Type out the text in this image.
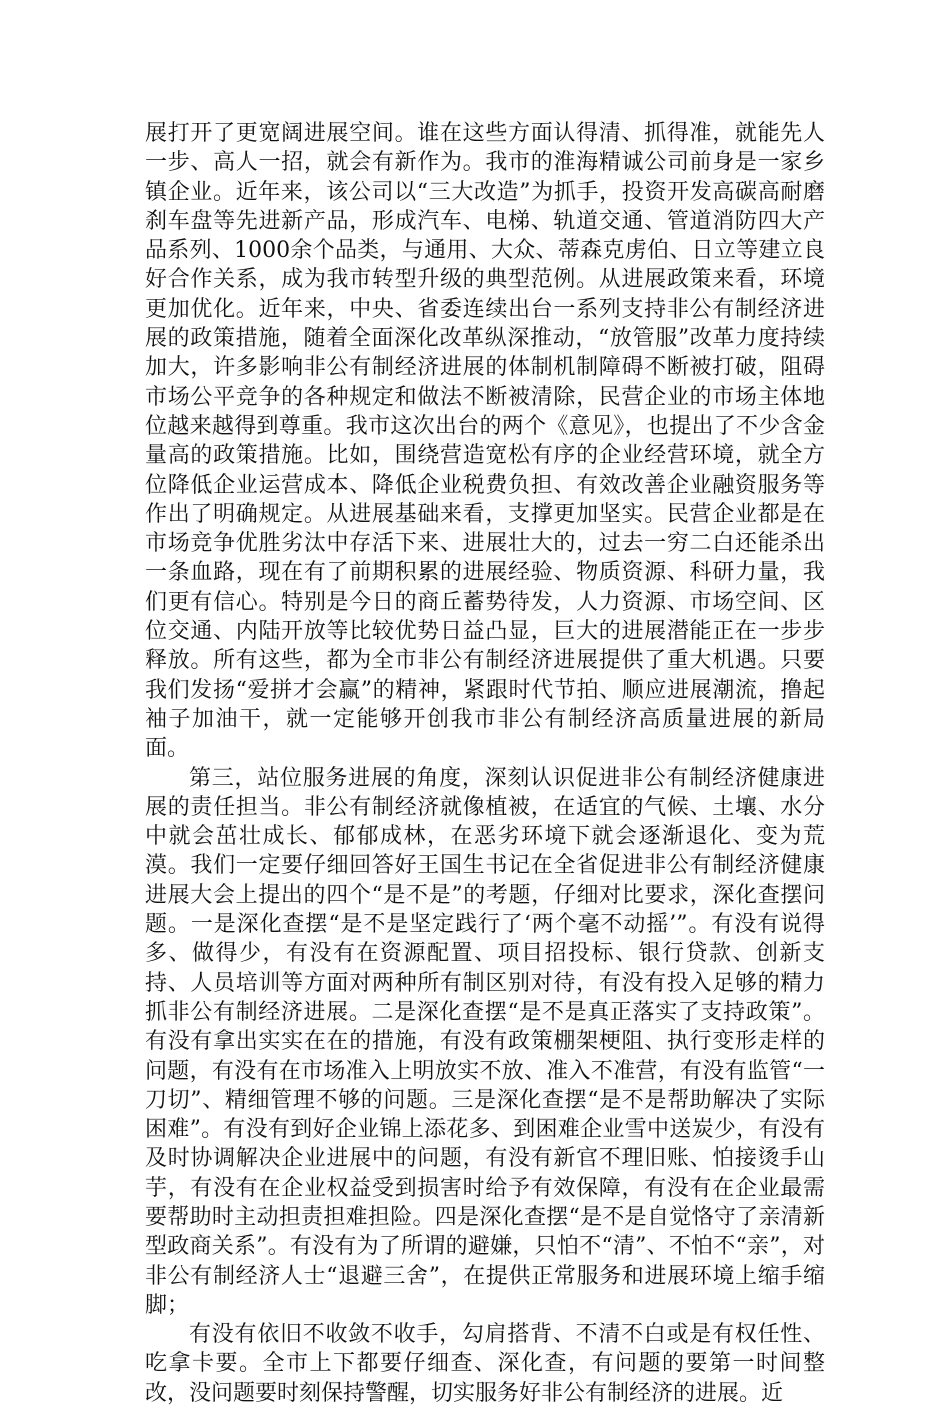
展打开了更宽阔进展空间。谁在这些方面认得清、抓得准，就能先人一步、高人一招，就会有新作为。我市的淮海精诚公司前身是一家乡镇企业。近年来，该公司以“三大改造”为抓手，投资开发高碳高耐磨刹车盘等先进新产品，形成汽车、电梯、轨道交通、管道消防四大产品系列、1000余个品类，与通用、大众、蒂森克虏伯、日立等建立良好合作关系，成为我市转型升级的典型范例。从进展政策来看，环境更加优化。近年来，中央、省委连续出台一系列支持非公有制经济进展的政策措施，随着全面深化改革纵深推动，“放管服”改革力度持续加大，许多影响非公有制经济进展的体制机制障碍不断被打破，阻碍市场公平竞争的各种规定和做法不断被清除，民营企业的市场主体地位越来越得到尊重。我市这次出台的两个《意见》，也提出了不少含金量高的政策措施。比如，围绕营造宽松有序的企业经营环境，就全方位降低企业运营成本、降低企业税费负担、有效改善企业融资服务等作出了明确规定。从进展基础来看，支撑更加坚实。民营企业都是在市场竞争优胜劣汰中存活下来、进展壮大的，过去一穷二白还能杀出一条血路，现在有了前期积累的进展经验、物质资源、科研力量，我们更有信心。特别是今日的商丘蓄势待发，人力资源、市场空间、区位交通、内陆开放等比较优势日益凸显，巨大的进展潜能正在一步步释放。所有这些，都为全市非公有制经济进展提供了重大机遇。只要我们发扬“爱拼才会赢”的精神，紧跟时代节拍、顺应进展潮流，撸起袖子加油干，就一定能够开创我市非公有制经济高质量进展的新局面。

第三，站位服务进展的角度，深刻认识促进非公有制经济健康进展的责任担当。非公有制经济就像植被，在适宜的气候、土壤、水分中就会茁壮成长、郁郁成林，在恶劣环境下就会逐渐退化、变为荒漠。我们一定要仔细回答好王国生书记在全省促进非公有制经济健康进展大会上提出的四个“是不是”的考题，仔细对比要求，深化查摆问题。一是深化查摆“是不是坚定践行了‘两个毫不动摇’”。有没有说得多、做得少，有没有在资源配置、项目招投标、银行贷款、创新支持、人员培训等方面对两种所有制区别对待，有没有投入足够的精力抓非公有制经济进展。二是深化查摆“是不是真正落实了支持政策”。有没有拿出实实在在的措施，有没有政策棚架梗阻、执行变形走样的问题，有没有在市场准入上明放实不放、准入不准营，有没有监管“一刀切”、精细管理不够的问题。三是深化查摆“是不是帮助解决了实际困难”。有没有到好企业锦上添花多、到困难企业雪中送炭少，有没有及时协调解决企业进展中的问题，有没有新官不理旧账、怕接烫手山芋，有没有在企业权益受到损害时给予有效保障，有没有在企业最需要帮助时主动担责担难担险。四是深化查摆“是不是自觉恪守了亲清新型政商关系”。有没有为了所谓的避嫌，只怕不“清”、不怕不“亲”，对非公有制经济人士“退避三舍”，在提供正常服务和进展环境上缩手缩脚；

有没有依旧不收敛不收手，勾肩搭背、不清不白或是有权任性、吃拿卡要。全市上下都要仔细查、深化查，有问题的要第一时间整改，没问题要时刻保持警醒，切实服务好非公有制经济的进展。近
